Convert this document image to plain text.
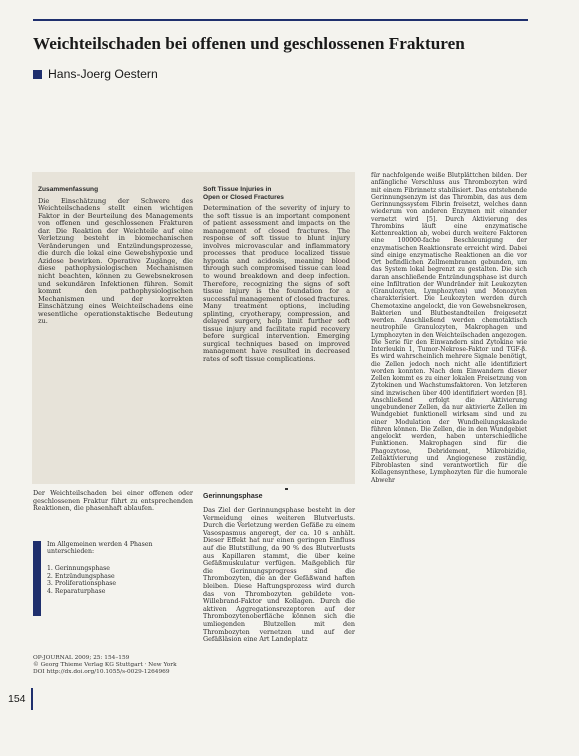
Weichteilschaden bei offenen und geschlossenen Frakturen
Hans-Joerg Oestern
Zusammenfassung

Die Einschätzung der Schwere des Weichteilschadens stellt einen wichtigen Faktor in der Beurteilung des Managements von offenen und geschlossenen Frakturen dar. Die Reaktion der Weichteile auf eine Verletzung besteht in biomechanischen Veränderungen und Entzündungsprozesse, die durch die lokal eine Gewebshypoxie und Azidose bewirken. Operative Zugänge, die diese pathophysiologischen Mechanismen nicht beachten, können zu Gewebsnekrosen und sekundären Infektionen führen. Somit kommt den pathophysiologischen Mechanismen und der korrekten Einschätzung eines Weichteilschadens eine wesentliche operationstaktische Bedeutung zu.

Soft Tissue Injuries in
Open or Closed Fractures

Determination of the severity of injury to the soft tissue is an important component of patient assessment and impacts on the management of closed fractures. The response of soft tissue to blunt injury involves microvascular and inflammatory processes that produce localized tissue hypoxia and acidosis, meaning blood through such compromised tissue can lead to wound breakdown and deep infection. Therefore, recognizing the signs of soft tissue injury is the foundation for a successful management of closed fractures. Many treatment options, including splinting, cryotherapy, compression, and delayed surgery, help limit further soft tissue injury and facilitate rapid recovery before surgical intervention. Emerging surgical techniques based on improved management have resulted in decreased rates of soft tissue complications.

Der Weichteilschaden bei einer offenen oder geschlossenen Fraktur führt zu entsprechenden Reaktionen, die phasenhaft ablaufen.

Im Allgemeinen werden 4 Phasen unterschieden:
1. Gerinnungsphase
2. Entzündungsphase
3. Proliferationsphase
4. Reparaturphase
Gerinnungsphase

Das Ziel der Gerinnungsphase besteht in der Vermeidung eines weiteren Blutverlusts. Durch die Verletzung werden Gefäße zu einem Vasospasmus angeregt, der ca. 10 s anhält. Dieser Effekt hat nur einen geringen Einfluss auf die Blutstillung, da 90 % des Blutverlusts aus Kapillaren stammt, die über keine Gefäßmuskulatur verfügen. Maßgeblich für die Gerinnungsprogress sind die Thrombozyten, die an der Gefäßwand haften bleiben. Diese Haftungsprozess wird durch das von Thrombozyten gebildete von-Willebrand-Faktor und Kollagen. Durch die aktiven Aggregationsrezeptoren auf der Thrombozytenoberfläche können sich die umliegenden Blutzellen mit den Thrombozyten vernetzen und auf der Gefäßläsion eine Art Landeplatz

für nachfolgende weiße Blutplättchen bilden. Der anfängliche Verschluss aus Thrombozyten wird mit einem Fibrinnetz stabilisiert. Das entstehende Gerinnungsenzym ist das Thrombin, das aus dem Gerinnungssystem Fibrin freisetzt, welches dann wiederum von anderen Enzymen mit einander vernetzt wird [5]. Durch Aktivierung des Thrombins läuft eine enzymatische Kettenreaktion ab, wobei durch weitere Faktoren eine 100000-fache Beschleunigung der enzymatischen Reaktionsrate erreicht wird. Dabei sind einige enzymatische Reaktionen an die vor Ort befindlichen Zellmembranen gebunden, um das System lokal begrenzt zu gestalten. Die sich daran anschließende Entzündungsphase ist durch eine Infiltration der Wundränder mit Leukozyten (Granulozyten, Lymphozyten) und Monozyten charakterisiert. Die Leukozyten werden durch Chemotaxine angelockt, die von Gewebsnekrosen, Bakterien und Blutbestandteilen freigesetzt werden. Anschließend werden chemotaktisch neutrophile Granulozyten, Makrophagen und Lymphozyten in den Weichteilschaden angezogen. Die Serie für den Einwandern sind Zytokine wie Interleukin 1, Tumor-Nekrose-Faktor und TGF-β. Es wird wahrscheinlich mehrere Signale benötigt, die Zellen jedoch noch nicht alle identifiziert worden konnten. Nach dem Einwandern dieser Zellen kommt es zu einer lokalen Freisetzung von Zytokinen und Wachstumsfaktoren. Von letzteren sind inzwischen über 400 identifiziert worden [8]. Anschließend erfolgt die Aktivierung ungebundener Zellen, da nur aktivierte Zellen im Wundgebiet funktionell wirksam sind und zu einer Modulation der Wundheilungskaskade führen können. Die Zellen, die in den Wundgebiet angelockt werden, haben unterschiedliche Funktionen. Makrophagen sind für die Phagozytose, Debridement, Mikrobizidie, Zellaktivierung und Angiogenese zuständig, Fibroblasten sind verantwortlich für die Kollagensynthese, Lymphozyten für die humorale Abwehr

OP-JOURNAL 2009; 25: 154–159
© Georg Thieme Verlag KG Stuttgart · New York
DOI http://dx.doi.org/10.1055/s-0029-1264969
154
